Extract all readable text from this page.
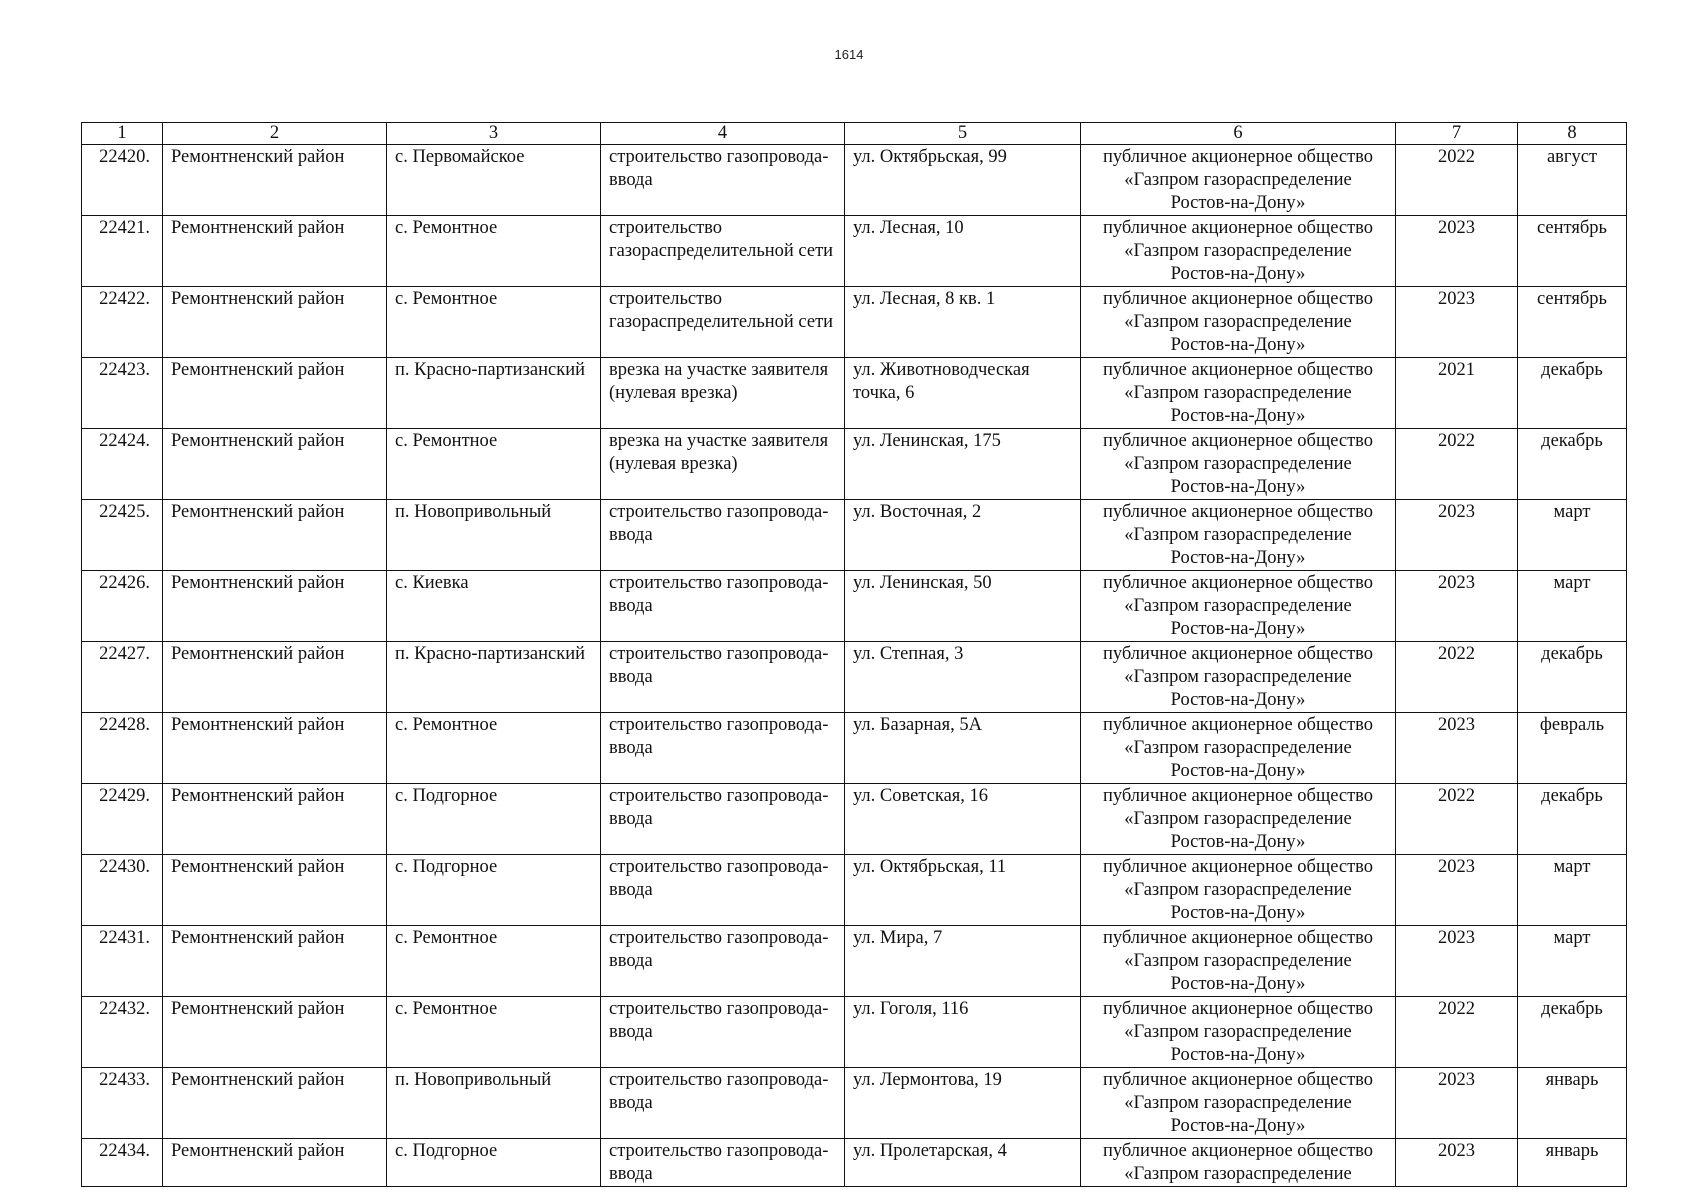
1614
1	2	3	4	5	6	7	8
22420.	Ремонтненский район	с. Первомайское	строительство газопровода-ввода	ул. Октябрьская, 99	публичное акционерное общество
«Газпром газораспределение
Ростов-на-Дону»	2022	август
22421.	Ремонтненский район	с. Ремонтное	строительство газораспределительной сети	ул. Лесная, 10	публичное акционерное общество
«Газпром газораспределение
Ростов-на-Дону»	2023	сентябрь
22422.	Ремонтненский район	с. Ремонтное	строительство газораспределительной сети	ул. Лесная, 8 кв. 1	публичное акционерное общество
«Газпром газораспределение
Ростов-на-Дону»	2023	сентябрь
22423.	Ремонтненский район	п. Красно-партизанский	врезка на участке заявителя (нулевая врезка)	ул. Животноводческая точка, 6	публичное акционерное общество
«Газпром газораспределение
Ростов-на-Дону»	2021	декабрь
22424.	Ремонтненский район	с. Ремонтное	врезка на участке заявителя (нулевая врезка)	ул. Ленинская, 175	публичное акционерное общество
«Газпром газораспределение
Ростов-на-Дону»	2022	декабрь
22425.	Ремонтненский район	п. Новопривольный	строительство газопровода-ввода	ул. Восточная, 2	публичное акционерное общество
«Газпром газораспределение
Ростов-на-Дону»	2023	март
22426.	Ремонтненский район	с. Киевка	строительство газопровода-ввода	ул. Ленинская, 50	публичное акционерное общество
«Газпром газораспределение
Ростов-на-Дону»	2023	март
22427.	Ремонтненский район	п. Красно-партизанский	строительство газопровода-ввода	ул. Степная, 3	публичное акционерное общество
«Газпром газораспределение
Ростов-на-Дону»	2022	декабрь
22428.	Ремонтненский район	с. Ремонтное	строительство газопровода-ввода	ул. Базарная, 5А	публичное акционерное общество
«Газпром газораспределение
Ростов-на-Дону»	2023	февраль
22429.	Ремонтненский район	с. Подгорное	строительство газопровода-ввода	ул. Советская, 16	публичное акционерное общество
«Газпром газораспределение
Ростов-на-Дону»	2022	декабрь
22430.	Ремонтненский район	с. Подгорное	строительство газопровода-ввода	ул. Октябрьская, 11	публичное акционерное общество
«Газпром газораспределение
Ростов-на-Дону»	2023	март
22431.	Ремонтненский район	с. Ремонтное	строительство газопровода-ввода	ул. Мира, 7	публичное акционерное общество
«Газпром газораспределение
Ростов-на-Дону»	2023	март
22432.	Ремонтненский район	с. Ремонтное	строительство газопровода-ввода	ул. Гоголя, 116	публичное акционерное общество
«Газпром газораспределение
Ростов-на-Дону»	2022	декабрь
22433.	Ремонтненский район	п. Новопривольный	строительство газопровода-ввода	ул. Лермонтова, 19	публичное акционерное общество
«Газпром газораспределение
Ростов-на-Дону»	2023	январь
22434.	Ремонтненский район	с. Подгорное	строительство газопровода-ввода	ул. Пролетарская, 4	публичное акционерное общество
«Газпром газораспределение	2023	январь
